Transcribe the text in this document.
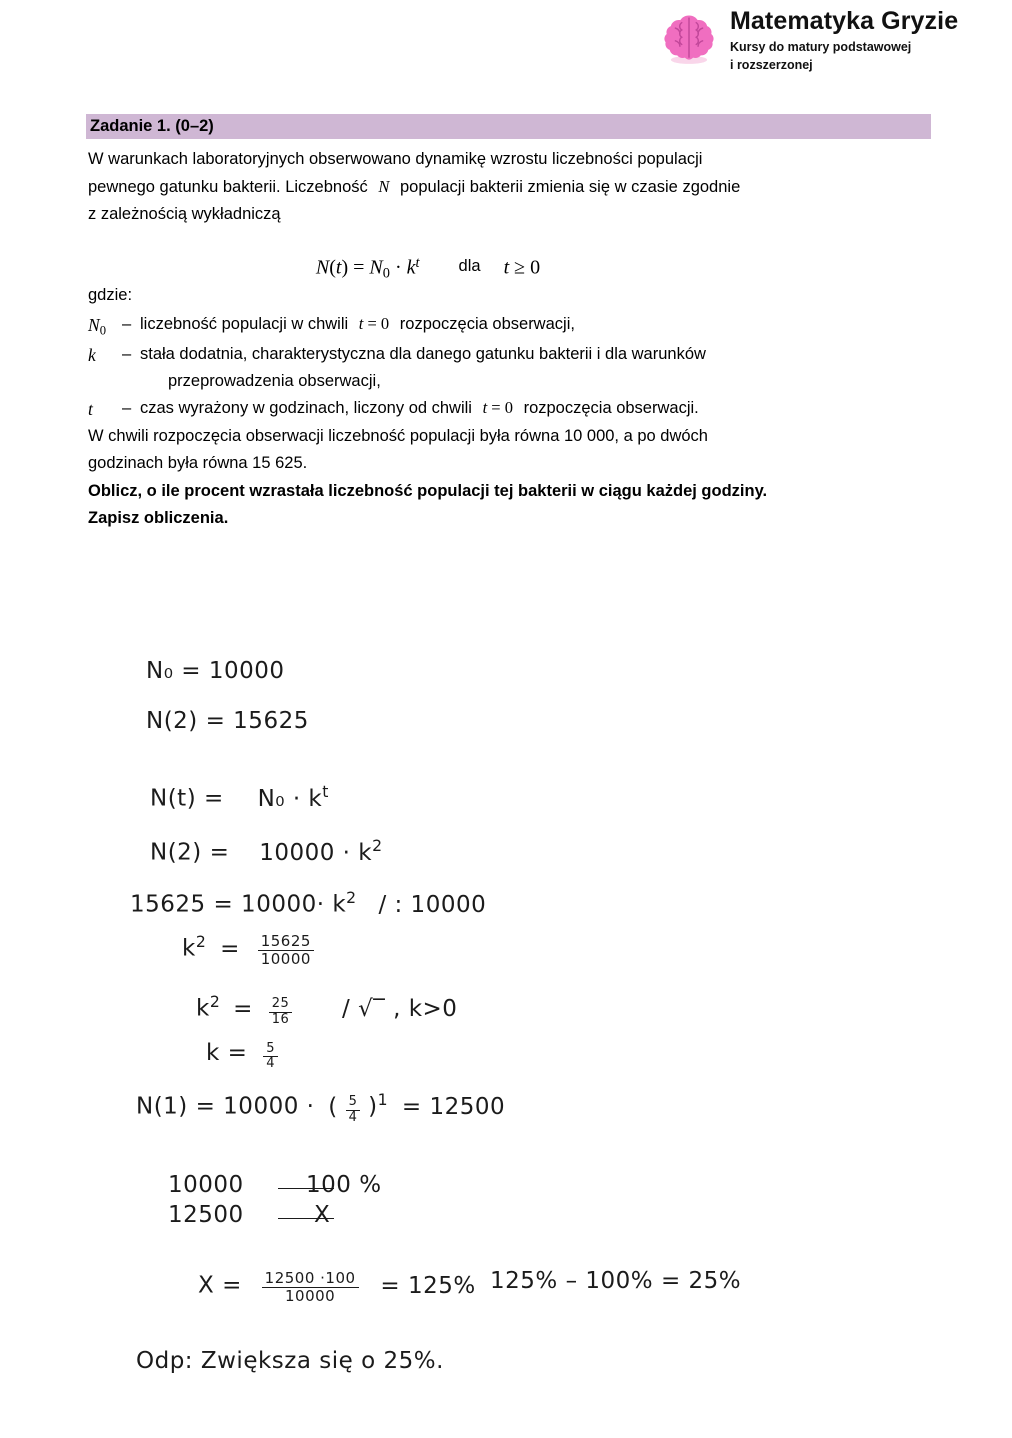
Matematyka Gryzie
Kursy do matury podstawowej
i rozszerzonej
Zadanie 1. (0–2)

W warunkach laboratoryjnych obserwowano dynamikę wzrostu liczebności populacji

pewnego gatunku bakterii. Liczebność N populacji bakterii zmienia się w czasie zgodnie

z zależnością wykładniczą

$N(t) = N_0 \cdot k^t$ dla t ≥ 0

gdzie:

$N_0$ – liczebność populacji w chwili t = 0 rozpoczęcia obserwacji,
k	– stała dodatnia, charakterystyczna dla danego gatunku bakterii i dla warunków
przeprowadzenia obserwacji,
t	– czas wyrażony w godzinach, liczony od chwili t = 0 rozpoczęcia obserwacji.

W chwili rozpoczęcia obserwacji liczebność populacji była równa 10 000, a po dwóch

godzinach była równa 15 625.

Oblicz, o ile procent wzrastała liczebność populacji tej bakterii w ciągu każdej godziny.

Zapisz obliczenia.

N₀ = 10000
N(2) = 15625
$N(t) = N_0 \cdot k^t$
$N(2) = 10000 \cdot k^2$
$15625 = 10000\cdot k^2$ / : 10000
$k^2 = \frac{15625}{10000}$
$k^2 = \frac{25}{16}$ / √‾ , k>0
$k = \frac{5}{4}$
N(1) = 10000 · ( $\frac{5}{4} )^1 = 12500$
10000	100 %
12500	X
$X = \frac{12500 \cdot 100}{10000} = 125\%$ 125% – 100% = 25%
Odp: Zwiększa się o 25%.
